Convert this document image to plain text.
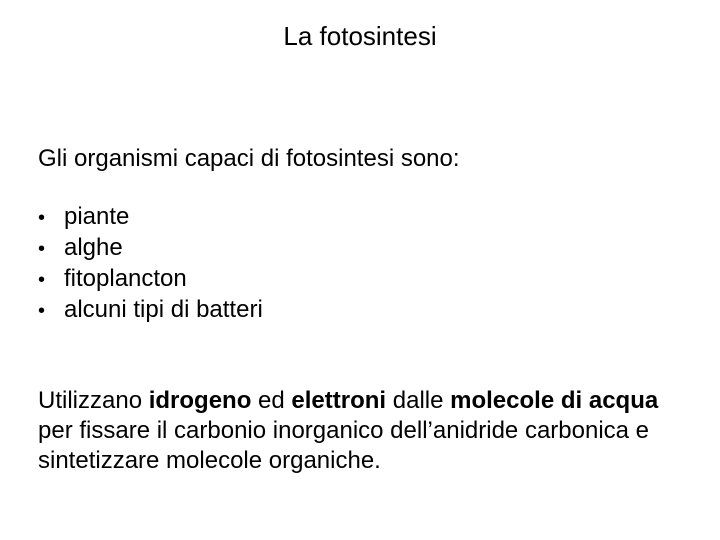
La fotosintesi
Gli organismi capaci di fotosintesi sono:
• piante
• alghe
• fitoplancton
• alcuni tipi di batteri

Utilizzano idrogeno ed elettroni dalle molecole di acqua per fissare il carbonio inorganico dell’anidride carbonica e sintetizzare molecole organiche.
